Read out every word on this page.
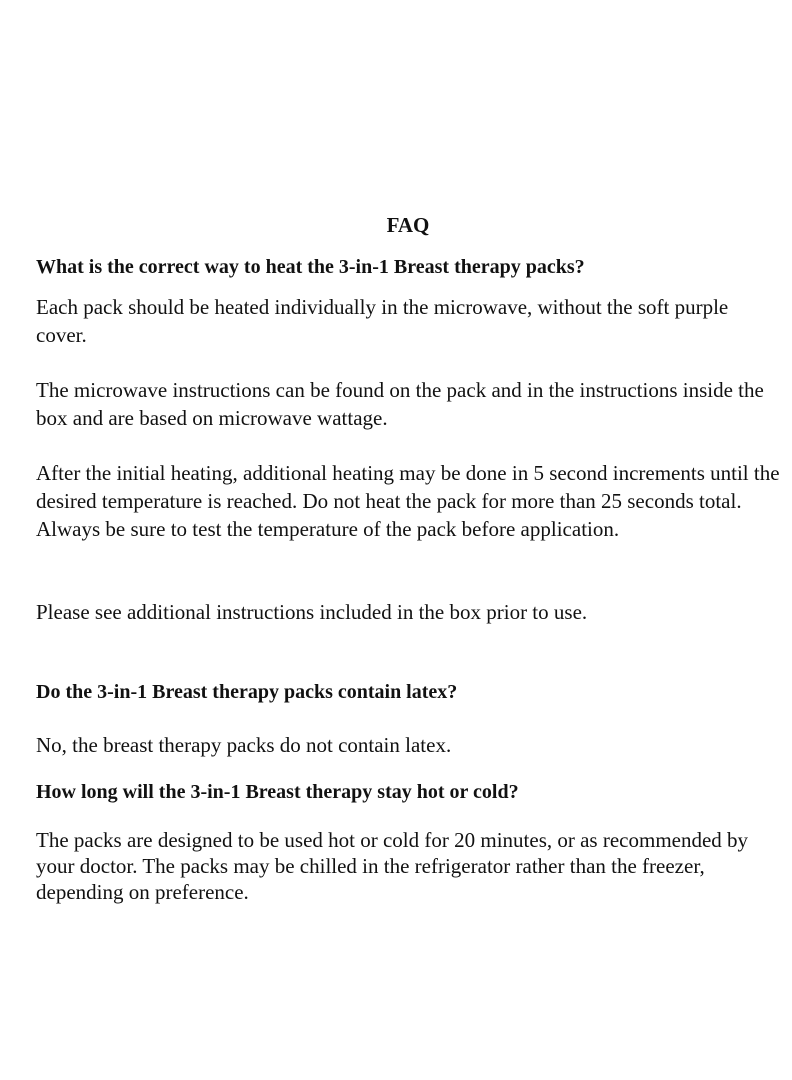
FAQ
What is the correct way to heat the 3-in-1 Breast therapy packs?

Each pack should be heated individually in the microwave, without the soft purple cover.

The microwave instructions can be found on the pack and in the instructions inside the box and are based on microwave wattage.

After the initial heating, additional heating may be done in 5 second increments until the desired temperature is reached. Do not heat the pack for more than 25 seconds total. Always be sure to test the temperature of the pack before application.

Please see additional instructions included in the box prior to use.

Do the 3-in-1 Breast therapy packs contain latex?

No, the breast therapy packs do not contain latex.

How long will the 3-in-1 Breast therapy stay hot or cold?

The packs are designed to be used hot or cold for 20 minutes, or as recommended by your doctor. The packs may be chilled in the refrigerator rather than the freezer, depending on preference.
